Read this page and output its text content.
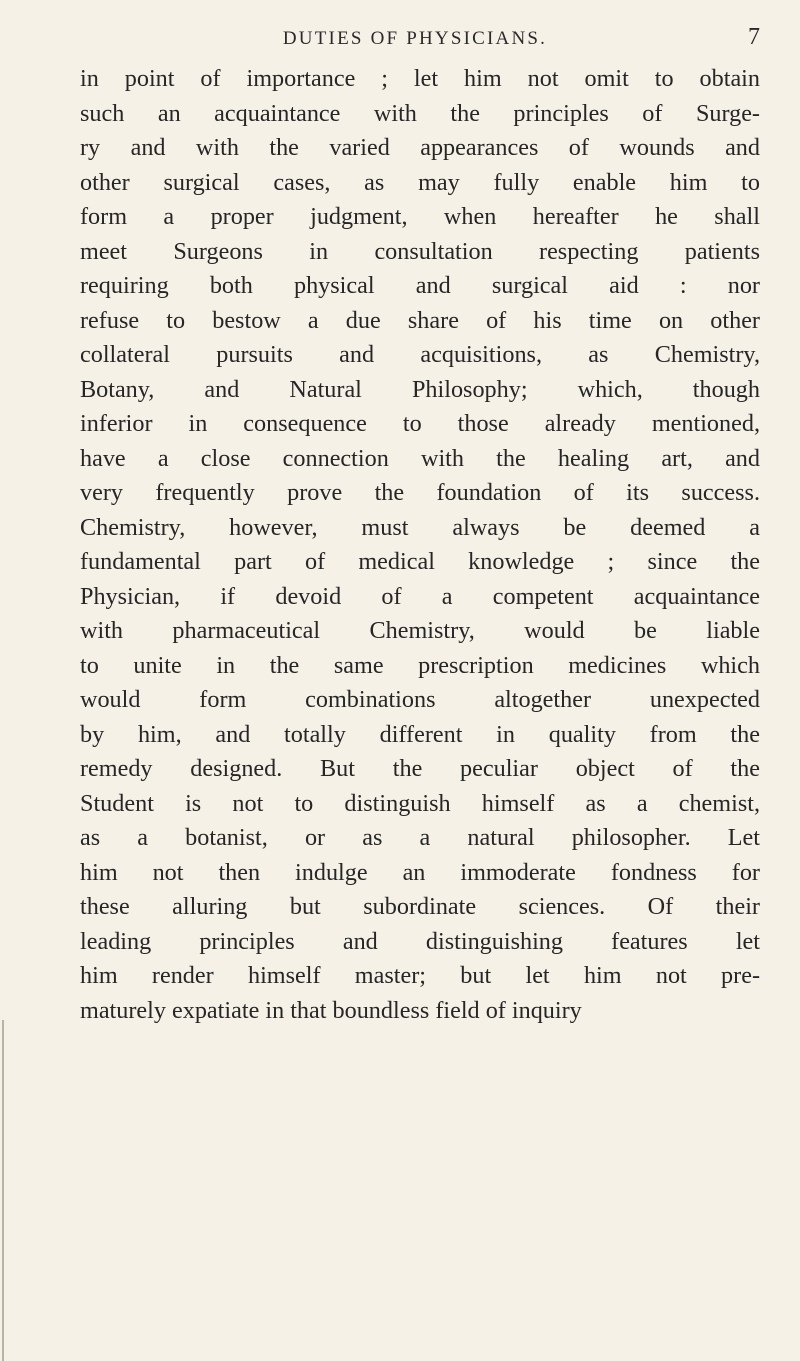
DUTIES OF PHYSICIANS.	7
in point of importance ; let him not omit to obtain
such an acquaintance with the principles of Surge-
ry and with the varied appearances of wounds and
other surgical cases, as may fully enable him to
form a proper judgment, when hereafter he shall
meet Surgeons in consultation respecting patients
requiring both physical and surgical aid : nor
refuse to bestow a due share of his time on other
collateral pursuits and acquisitions, as Chemistry,
Botany, and Natural Philosophy; which, though
inferior in consequence to those already mentioned,
have a close connection with the healing art, and
very frequently prove the foundation of its success.
Chemistry, however, must always be deemed a
fundamental part of medical knowledge ; since the
Physician, if devoid of a competent acquaintance
with pharmaceutical Chemistry, would be liable
to unite in the same prescription medicines which
would form combinations altogether unexpected
by him, and totally different in quality from the
remedy designed. But the peculiar object of the
Student is not to distinguish himself as a chemist,
as a botanist, or as a natural philosopher. Let
him not then indulge an immoderate fondness for
these alluring but subordinate sciences. Of their
leading principles and distinguishing features let
him render himself master; but let him not pre-
maturely expatiate in that boundless field of inquiry
